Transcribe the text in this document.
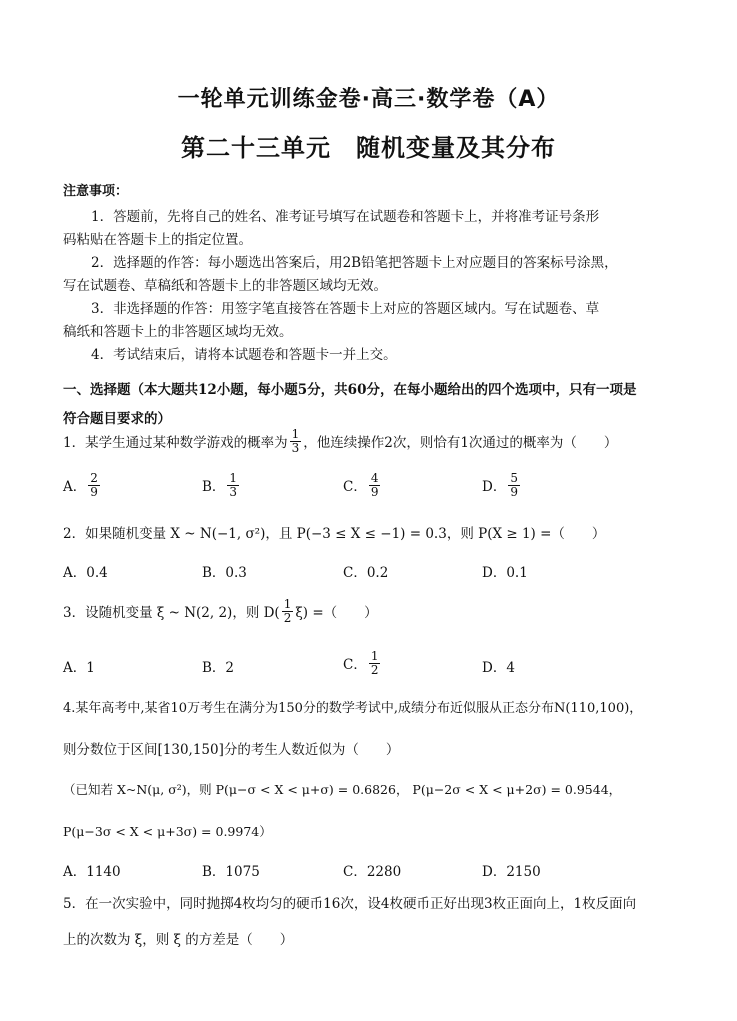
一轮单元训练金卷·高三·数学卷（A）
第二十三单元　随机变量及其分布
注意事项：
1．答题前，先将自己的姓名、准考证号填写在试题卷和答题卡上，并将准考证号条形
码粘贴在答题卡上的指定位置。
2．选择题的作答：每小题选出答案后，用2B铅笔把答题卡上对应题目的答案标号涂黑，
写在试题卷、草稿纸和答题卡上的非答题区域均无效。
3．非选择题的作答：用签字笔直接答在答题卡上对应的答题区域内。写在试题卷、草
稿纸和答题卡上的非答题区域均无效。
4．考试结束后，请将本试题卷和答题卡一并上交。
一、选择题（本大题共12小题，每小题5分，共60分，在每小题给出的四个选项中，只有一项是
符合题目要求的）
1．某学生通过某种数学游戏的概率为 $\frac{1}{3}$ ，他连续操作2次，则恰有1次通过的概率为（　　）
A． $\frac{2}{9}$	B． $\frac{1}{3}$	C． $\frac{4}{9}$	D． $\frac{5}{9}$
2．如果随机变量 X ~ N(−1, σ²)，且 P(−3 ≤ X ≤ −1) = 0.3，则 P(X ≥ 1) =（　　）
A．0.4	B．0.3	C．0.2	D．0.1
3．设随机变量 ξ ~ N(2, 2)，则 $D( \frac{1}{2} \xi)$ =（　　）
A．1	B．2	C． $\frac{1}{2}$	D．4
4.某年高考中,某省10万考生在满分为150分的数学考试中,成绩分布近似服从正态分布N(110,100)，
则分数位于区间[130,150]分的考生人数近似为（　　）
（已知若 X~N(μ, σ²)，则 P(μ−σ < X < μ+σ) = 0.6826， P(μ−2σ < X < μ+2σ) = 0.9544，
P(μ−3σ < X < μ+3σ) = 0.9974）
A．1140	B．1075	C．2280	D．2150
5．在一次实验中，同时抛掷4枚均匀的硬币16次，设4枚硬币正好出现3枚正面向上，1枚反面向
上的次数为 ξ，则 ξ 的方差是（　　）
